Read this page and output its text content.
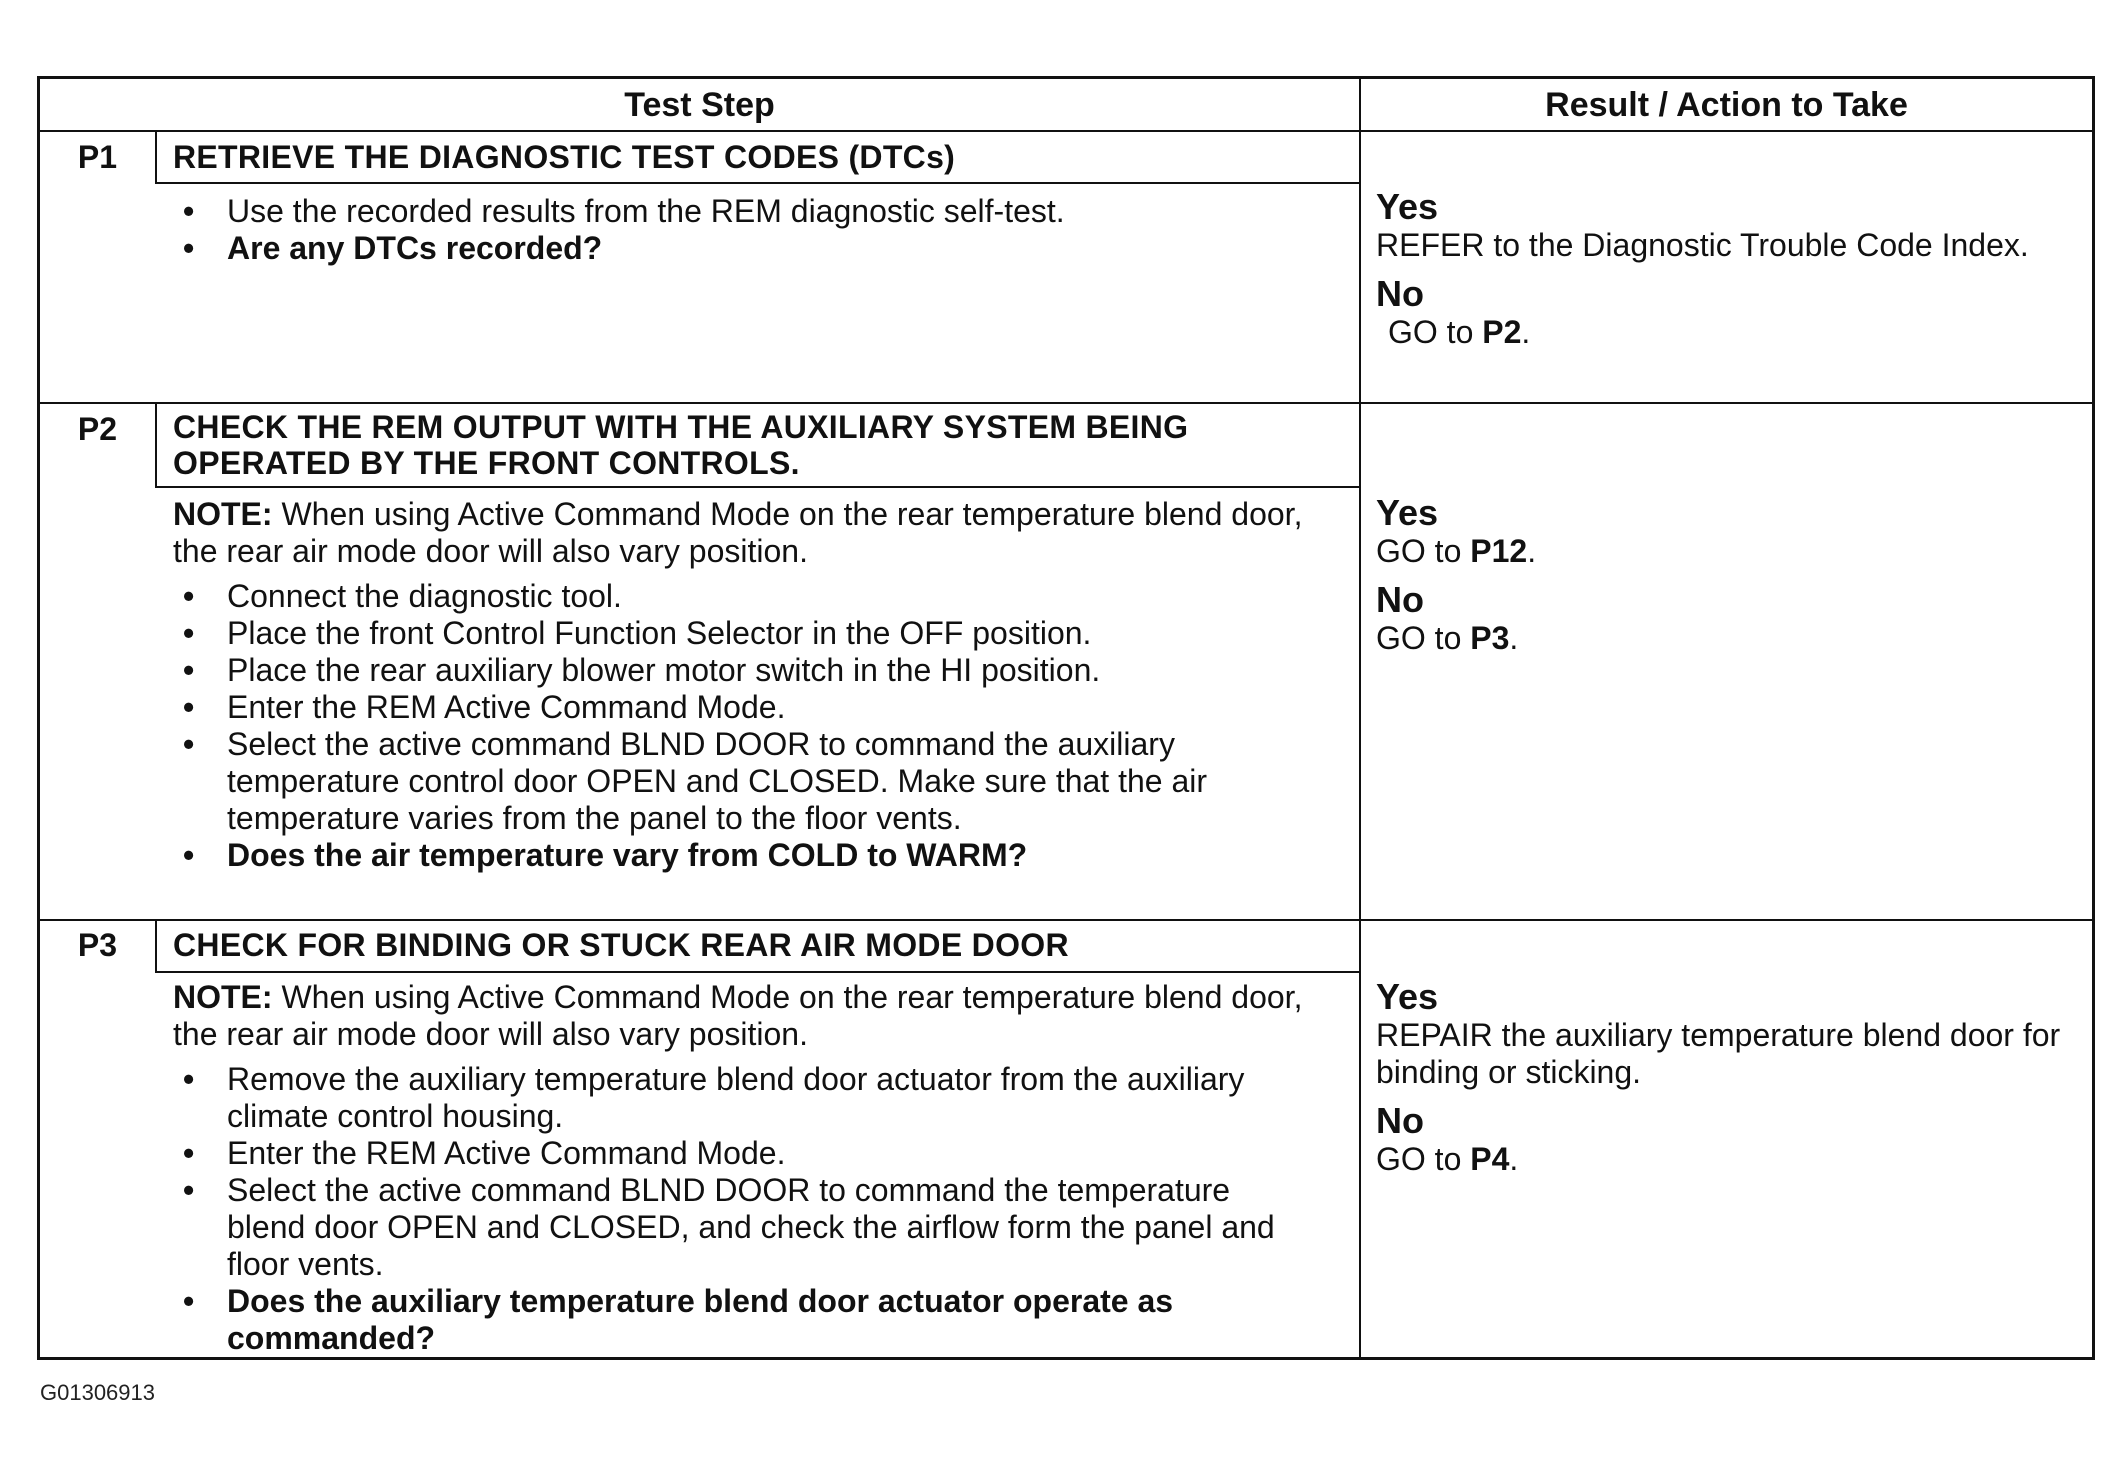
Test Step	Result / Action to Take
P1	RETRIEVE THE DIAGNOSTIC TEST CODES (DTCs)
• Use the recorded results from the REM diagnostic self-test.
• Are any DTCs recorded?
Yes
REFER to the Diagnostic Trouble Code Index.
No
GO to P2.
P2	CHECK THE REM OUTPUT WITH THE AUXILIARY SYSTEM BEING OPERATED BY THE FRONT CONTROLS.
NOTE: When using Active Command Mode on the rear temperature blend door, the rear air mode door will also vary position.
• Connect the diagnostic tool.
• Place the front Control Function Selector in the OFF position.
• Place the rear auxiliary blower motor switch in the HI position.
• Enter the REM Active Command Mode.
• Select the active command BLND DOOR to command the auxiliary temperature control door OPEN and CLOSED. Make sure that the air temperature varies from the panel to the floor vents.
• Does the air temperature vary from COLD to WARM?
Yes
GO to P12.
No
GO to P3.
P3	CHECK FOR BINDING OR STUCK REAR AIR MODE DOOR
NOTE: When using Active Command Mode on the rear temperature blend door, the rear air mode door will also vary position.
• Remove the auxiliary temperature blend door actuator from the auxiliary climate control housing.
• Enter the REM Active Command Mode.
• Select the active command BLND DOOR to command the temperature blend door OPEN and CLOSED, and check the airflow form the panel and floor vents.
• Does the auxiliary temperature blend door actuator operate as commanded?
Yes
REPAIR the auxiliary temperature blend door for binding or sticking.
No
GO to P4.
G01306913
